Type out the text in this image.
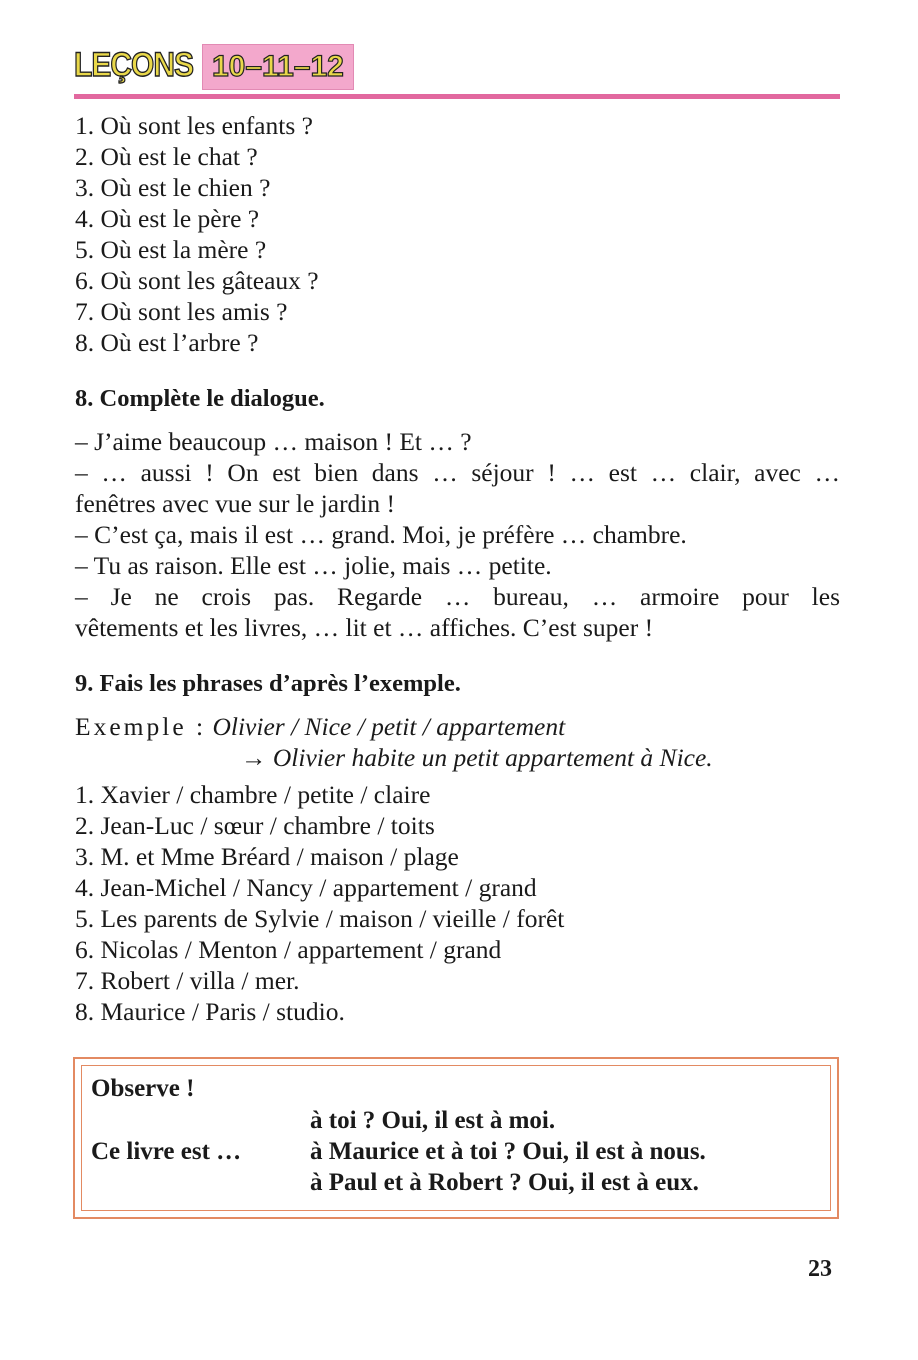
LEÇONS 10–11–12
1. Où sont les enfants ?
2. Où est le chat ?
3. Où est le chien ?
4. Où est le père ?
5. Où est la mère ?
6. Où sont les gâteaux ?
7. Où sont les amis ?
8. Où est l’arbre ?
8. Complète le dialogue.
– J’aime beaucoup … maison ! Et … ?
– … aussi ! On est bien dans … séjour ! … est … clair, avec …
fenêtres avec vue sur le jardin !
– C’est ça, mais il est … grand. Moi, je préfère … chambre.
– Tu as raison. Elle est … jolie, mais … petite.
– Je ne crois pas. Regarde … bureau, … armoire pour les
vêtements et les livres, … lit et … affiches. C’est super !
9. Fais les phrases d’après l’exemple.
Exemple : Olivier / Nice / petit / appartement
→ Olivier habite un petit appartement à Nice.
1. Xavier / chambre / petite / claire
2. Jean-Luc / sœur / chambre / toits
3. M. et Mme Bréard / maison / plage
4. Jean-Michel / Nancy / appartement / grand
5. Les parents de Sylvie / maison / vieille / forêt
6. Nicolas / Menton / appartement / grand
7. Robert / villa / mer.
8. Maurice / Paris / studio.
Observe !
Ce livre est …
à toi ? Oui, il est à moi.
à Maurice et à toi ? Oui, il est à nous.
à Paul et à Robert ? Oui, il est à eux.
23
